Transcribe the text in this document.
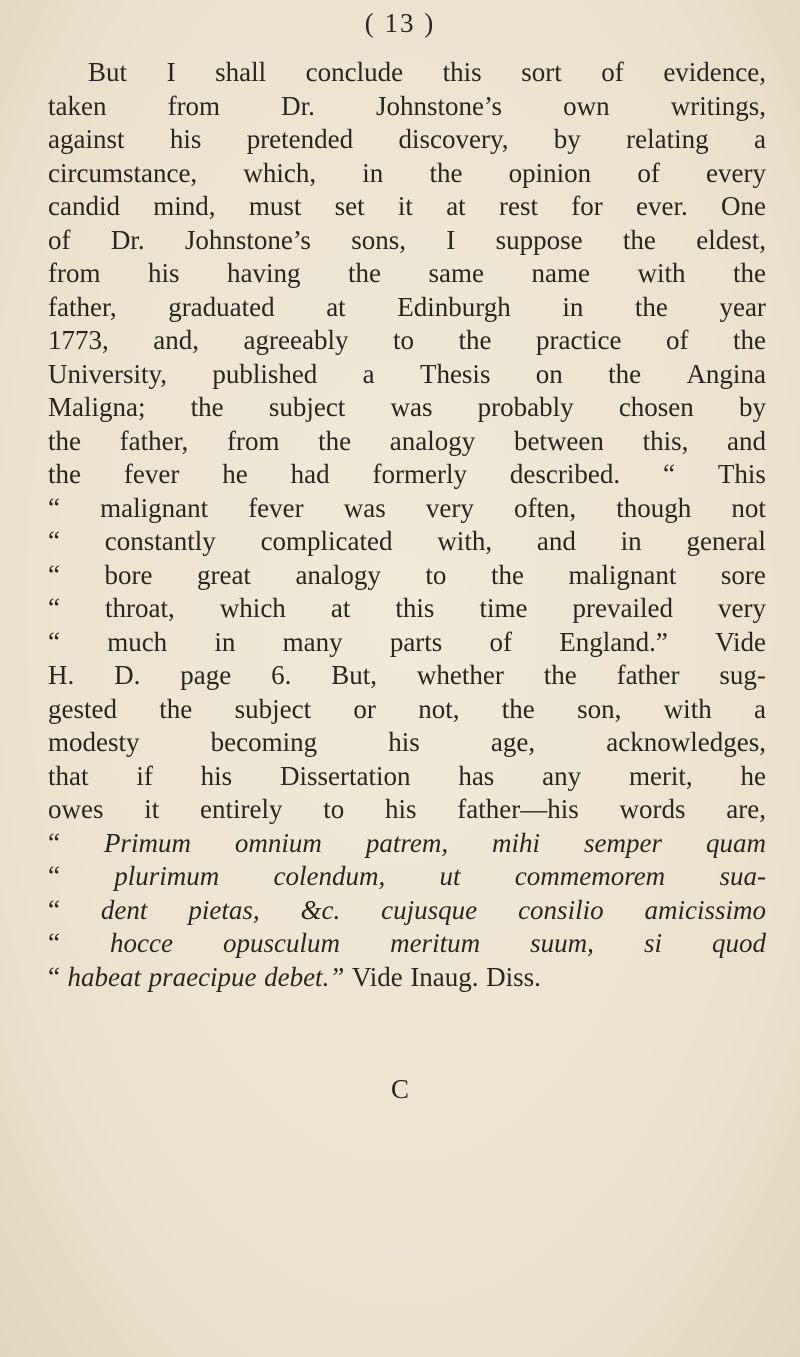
( 13 )
But I shall conclude this sort of evidence,
taken from Dr. Johnstone’s own writings,
against his pretended discovery, by relating a
circumstance, which, in the opinion of every
candid mind, must set it at rest for ever. One
of Dr. Johnstone’s sons, I suppose the eldest,
from his having the same name with the
father, graduated at Edinburgh in the year
1773, and, agreeably to the practice of the
University, published a Thesis on the Angina
Maligna; the subject was probably chosen by
the father, from the analogy between this, and
the fever he had formerly described. “ This
“ malignant fever was very often, though not
“ constantly complicated with, and in general
“ bore great analogy to the malignant sore
“ throat, which at this time prevailed very
“ much in many parts of England.” Vide
H. D. page 6. But, whether the father sug-
gested the subject or not, the son, with a
modesty	becoming	his	age,	acknowledges,
that if his Dissertation has any merit, he
owes it entirely to his father—his words are,
“ Primum omnium patrem, mihi semper quam
“ plurimum colendum, ut commemorem sua-
“ dent pietas, &c. cujusque consilio amicissimo
“ hocce opusculum meritum suum, si quod
“ habeat praecipue debet.” Vide Inaug. Diss.
C
